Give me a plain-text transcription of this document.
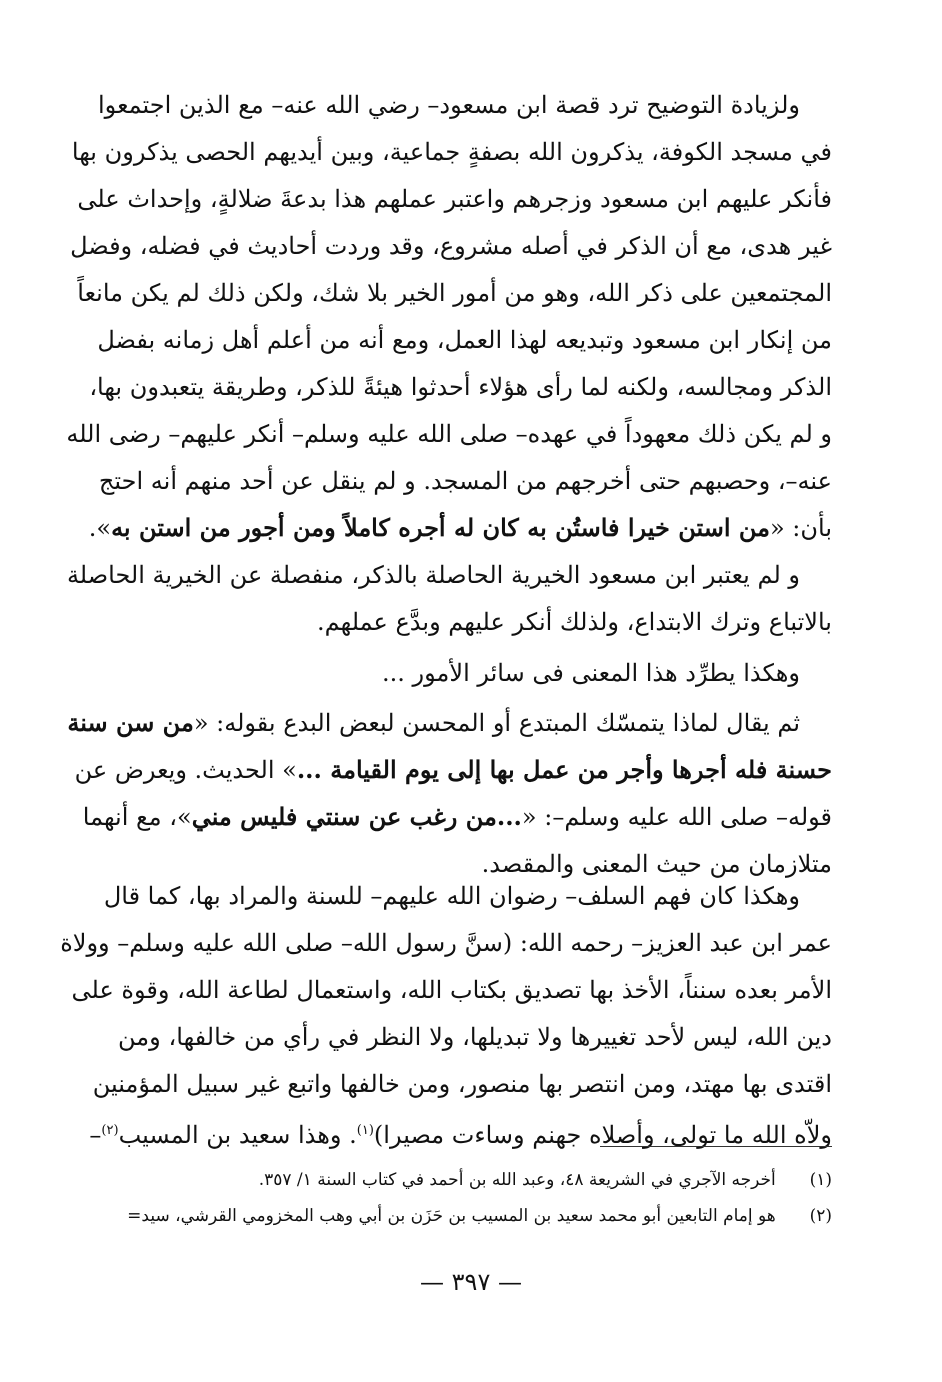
ولزيادة التوضيح ترد قصة ابن مسعود– رضي الله عنه– مع الذين اجتمعوا
في مسجد الكوفة، يذكرون الله بصفةٍ جماعية، وبين أيديهم الحصى يذكرون بها
فأنكر عليهم ابن مسعود وزجرهم واعتبر عملهم هذا بدعةَ ضلالةٍ، وإحداث على
غير هدى، مع أن الذكر في أصله مشروع، وقد وردت أحاديث في فضله، وفضل
المجتمعين على ذكر الله، وهو من أمور الخير بلا شك، ولكن ذلك لم يكن مانعاً
من إنكار ابن مسعود وتبديعه لهذا العمل، ومع أنه من أعلم أهل زمانه بفضل
الذكر ومجالسه، ولكنه لما رأى هؤلاء أحدثوا هيئةً للذكر، وطريقة يتعبدون بها،
و لم يكن ذلك معهوداً في عهده– صلى الله عليه وسلم– أنكر عليهم– رضى الله
عنه–، وحصبهم حتى أخرجهم من المسجد. و لم ينقل عن أحد منهم أنه احتج
بأن: «من استن خيرا فاستُن به كان له أجره كاملاً ومن أجور من استن به».
و لم يعتبر ابن مسعود الخيرية الحاصلة بالذكر، منفصلة عن الخيرية الحاصلة
بالاتباع وترك الابتداع، ولذلك أنكر عليهم وبدَّع عملهم.
وهكذا يطرِّد هذا المعنى فى سائر الأمور ...
ثم يقال لماذا يتمسّك المبتدع أو المحسن لبعض البدع بقوله: «من سن سنة
حسنة فله أجرها وأجر من عمل بها إلى يوم القيامة ...» الحديث. ويعرض عن
قوله– صلى الله عليه وسلم–: «...من رغب عن سنتي فليس مني»، مع أنهما
متلازمان من حيث المعنى والمقصد.
وهكذا كان فهم السلف– رضوان الله عليهم– للسنة والمراد بها، كما قال
عمر ابن عبد العزيز– رحمه الله: (سنَّ رسول الله– صلى الله عليه وسلم– وولاة
الأمر بعده سنناً، الأخذ بها تصديق بكتاب الله، واستعمال لطاعة الله، وقوة على
دين الله، ليس لأحد تغييرها ولا تبديلها، ولا النظر في رأي من خالفها، ومن
اقتدى بها مهتد، ومن انتصر بها منصور، ومن خالفها واتبع غير سبيل المؤمنين
ولاّه الله ما تولى، وأصلاه جهنم وساءت مصيرا)$^{(١)}$. وهذا سعيد بن المسيب$^{(٢)}$–
(١)   أخرجه الآجري في الشريعة ٤٨، وعبد الله بن أحمد في كتاب السنة ١/ ٣٥٧.
(٢)   هو إمام التابعين أبو محمد سعيد بن المسيب بن حَزَن بن أبي وهب المخزومي القرشي، سيد=
— ٣٩٧ —
